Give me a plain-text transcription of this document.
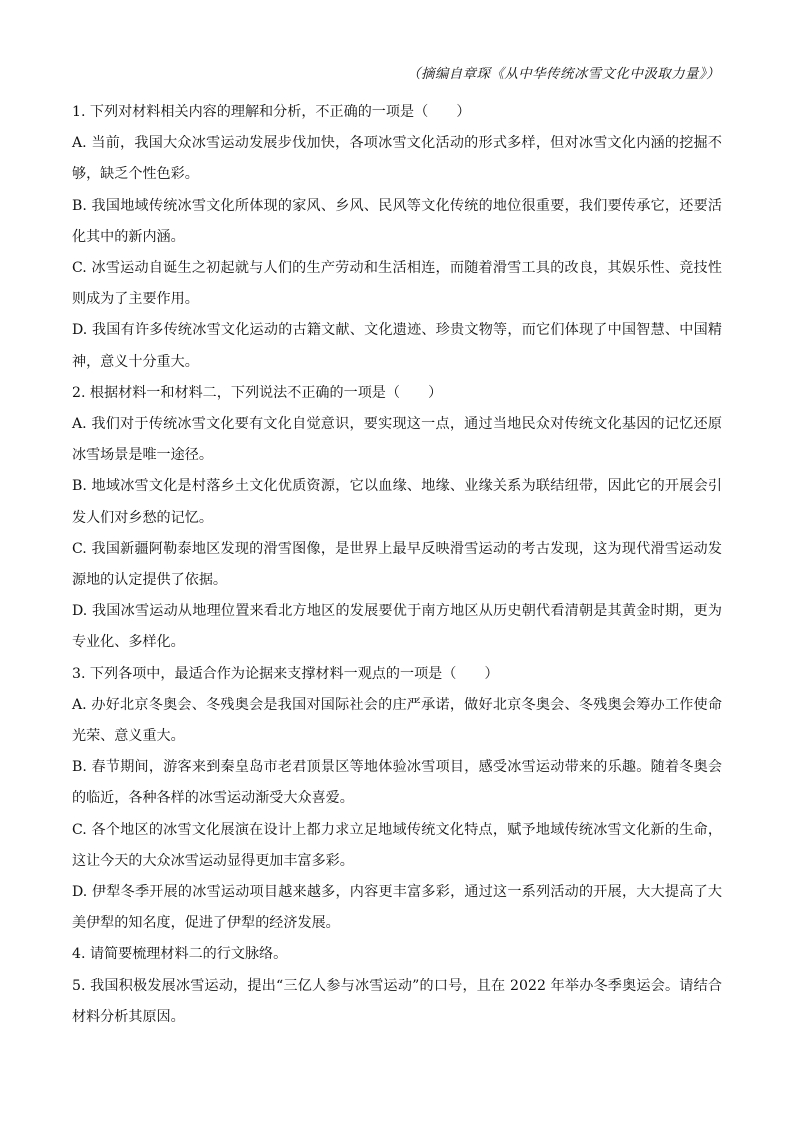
（摘编自章琛《从中华传统冰雪文化中汲取力量》）

1. 下列对材料相关内容的理解和分析，不正确的一项是（　　）

A. 当前，我国大众冰雪运动发展步伐加快，各项冰雪文化活动的形式多样，但对冰雪文化内涵的挖掘不够，缺乏个性色彩。

B. 我国地域传统冰雪文化所体现的家风、乡风、民风等文化传统的地位很重要，我们要传承它，还要活化其中的新内涵。

C. 冰雪运动自诞生之初起就与人们的生产劳动和生活相连，而随着滑雪工具的改良，其娱乐性、竞技性则成为了主要作用。

D. 我国有许多传统冰雪文化运动的古籍文献、文化遗迹、珍贵文物等，而它们体现了中国智慧、中国精神，意义十分重大。

2. 根据材料一和材料二，下列说法不正确的一项是（　　）

A. 我们对于传统冰雪文化要有文化自觉意识，要实现这一点，通过当地民众对传统文化基因的记忆还原冰雪场景是唯一途径。

B. 地域冰雪文化是村落乡土文化优质资源，它以血缘、地缘、业缘关系为联结纽带，因此它的开展会引发人们对乡愁的记忆。

C. 我国新疆阿勒泰地区发现的滑雪图像，是世界上最早反映滑雪运动的考古发现，这为现代滑雪运动发源地的认定提供了依据。

D. 我国冰雪运动从地理位置来看北方地区的发展要优于南方地区从历史朝代看清朝是其黄金时期，更为专业化、多样化。

3. 下列各项中，最适合作为论据来支撑材料一观点的一项是（　　）

A. 办好北京冬奥会、冬残奥会是我国对国际社会的庄严承诺，做好北京冬奥会、冬残奥会筹办工作使命光荣、意义重大。

B. 春节期间，游客来到秦皇岛市老君顶景区等地体验冰雪项目，感受冰雪运动带来的乐趣。随着冬奥会的临近，各种各样的冰雪运动渐受大众喜爱。

C. 各个地区的冰雪文化展演在设计上都力求立足地域传统文化特点，赋予地域传统冰雪文化新的生命，这让今天的大众冰雪运动显得更加丰富多彩。

D. 伊犁冬季开展的冰雪运动项目越来越多，内容更丰富多彩，通过这一系列活动的开展，大大提高了大美伊犁的知名度，促进了伊犁的经济发展。

4. 请简要梳理材料二的行文脉络。

5. 我国积极发展冰雪运动，提出“三亿人参与冰雪运动”的口号，且在 2022 年举办冬季奥运会。请结合材料分析其原因。
